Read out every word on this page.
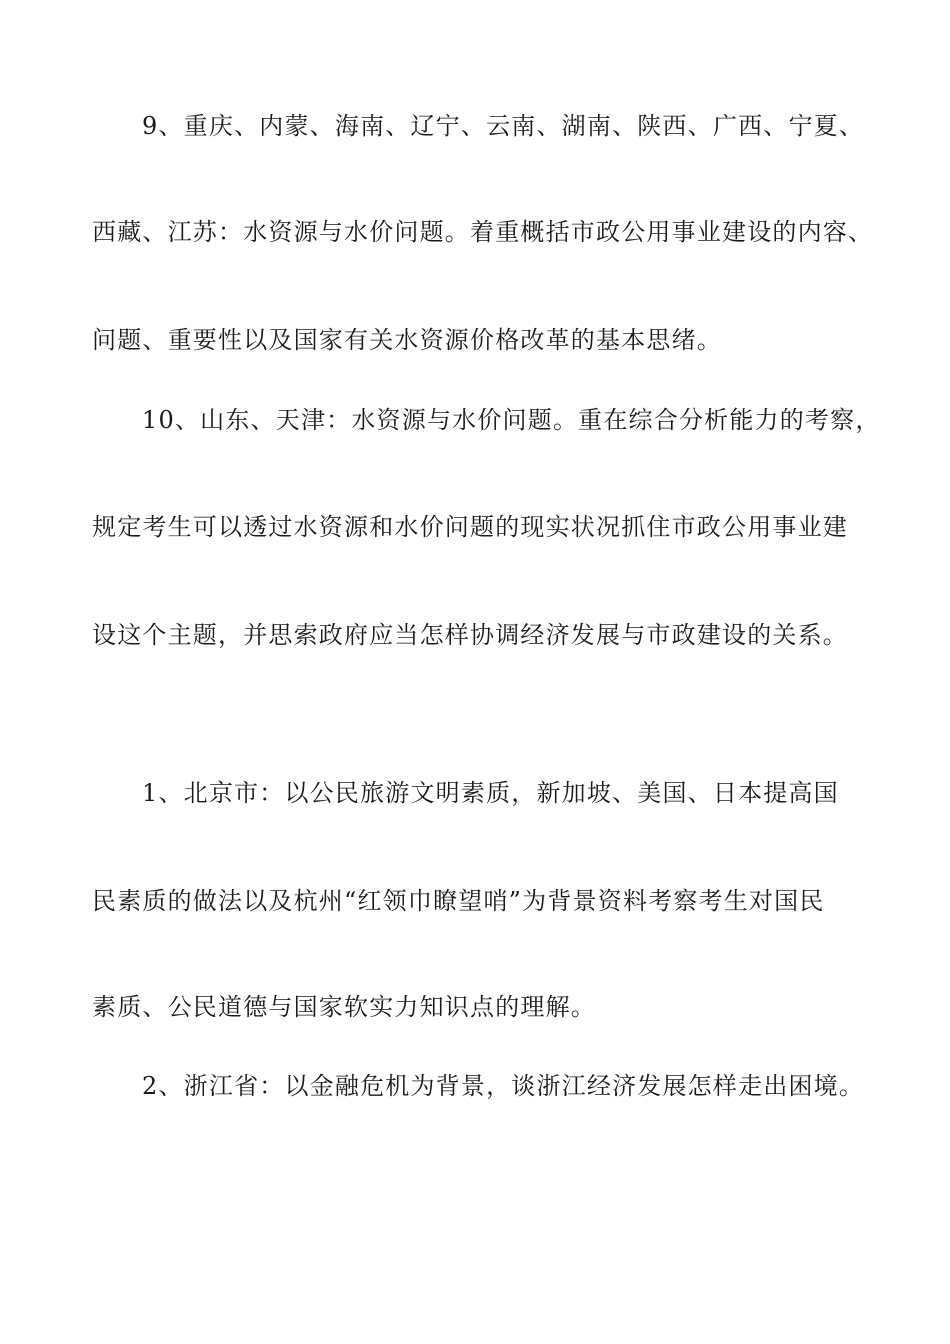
9、重庆、内蒙、海南、辽宁、云南、湖南、陕西、广西、宁夏、
西藏、江苏：水资源与水价问题。着重概括市政公用事业建设的内容、
问题、重要性以及国家有关水资源价格改革的基本思绪。
10、山东、天津：水资源与水价问题。重在综合分析能力的考察，
规定考生可以透过水资源和水价问题的现实状况抓住市政公用事业建
设这个主题，并思索政府应当怎样协调经济发展与市政建设的关系。
1、北京市：以公民旅游文明素质，新加坡、美国、日本提高国
民素质的做法以及杭州“红领巾瞭望哨”为背景资料考察考生对国民
素质、公民道德与国家软实力知识点的理解。
2、浙江省：以金融危机为背景，谈浙江经济发展怎样走出困境。
